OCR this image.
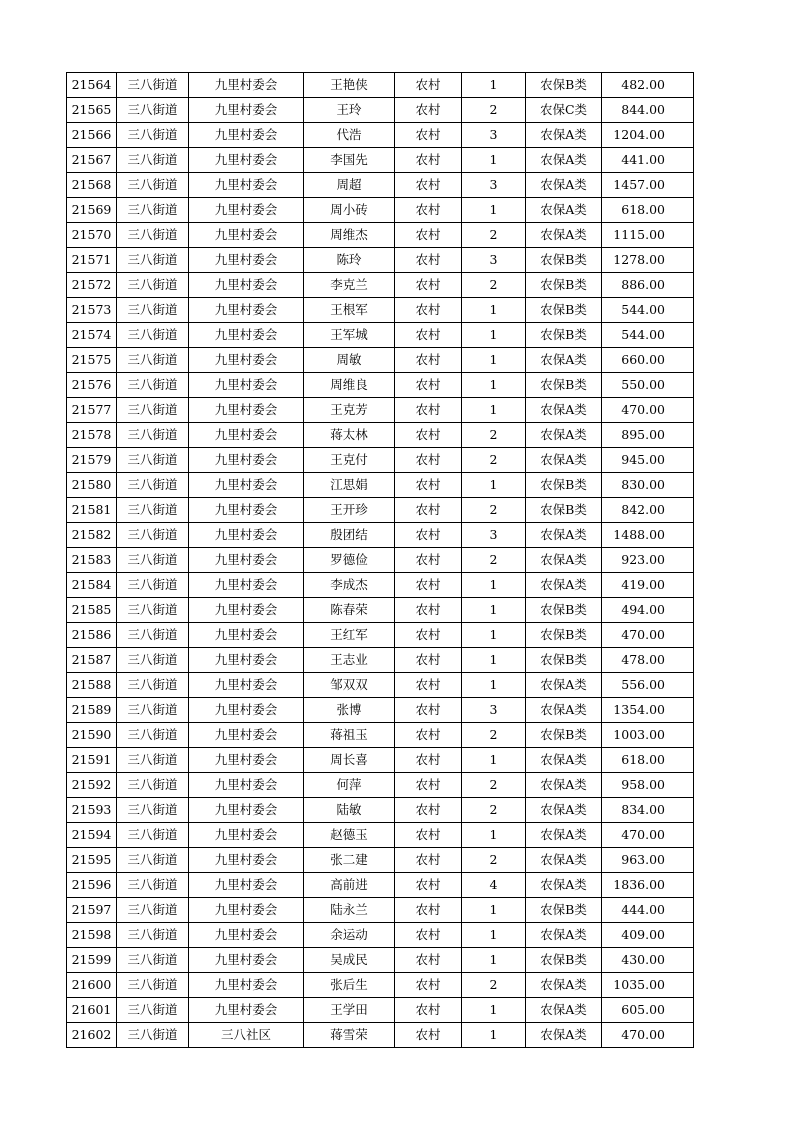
21564	三八街道	九里村委会	王艳侠	农村	1	农保B类	482.00
21565	三八街道	九里村委会	王玲	农村	2	农保C类	844.00
21566	三八街道	九里村委会	代浩	农村	3	农保A类	1204.00
21567	三八街道	九里村委会	李国先	农村	1	农保A类	441.00
21568	三八街道	九里村委会	周超	农村	3	农保A类	1457.00
21569	三八街道	九里村委会	周小砖	农村	1	农保A类	618.00
21570	三八街道	九里村委会	周维杰	农村	2	农保A类	1115.00
21571	三八街道	九里村委会	陈玲	农村	3	农保B类	1278.00
21572	三八街道	九里村委会	李克兰	农村	2	农保B类	886.00
21573	三八街道	九里村委会	王根军	农村	1	农保B类	544.00
21574	三八街道	九里村委会	王军城	农村	1	农保B类	544.00
21575	三八街道	九里村委会	周敏	农村	1	农保A类	660.00
21576	三八街道	九里村委会	周维良	农村	1	农保B类	550.00
21577	三八街道	九里村委会	王克芳	农村	1	农保A类	470.00
21578	三八街道	九里村委会	蒋太林	农村	2	农保A类	895.00
21579	三八街道	九里村委会	王克付	农村	2	农保A类	945.00
21580	三八街道	九里村委会	江思娟	农村	1	农保B类	830.00
21581	三八街道	九里村委会	王开珍	农村	2	农保B类	842.00
21582	三八街道	九里村委会	殷团结	农村	3	农保A类	1488.00
21583	三八街道	九里村委会	罗德俭	农村	2	农保A类	923.00
21584	三八街道	九里村委会	李成杰	农村	1	农保A类	419.00
21585	三八街道	九里村委会	陈春荣	农村	1	农保B类	494.00
21586	三八街道	九里村委会	王红军	农村	1	农保B类	470.00
21587	三八街道	九里村委会	王志业	农村	1	农保B类	478.00
21588	三八街道	九里村委会	邹双双	农村	1	农保A类	556.00
21589	三八街道	九里村委会	张博	农村	3	农保A类	1354.00
21590	三八街道	九里村委会	蒋祖玉	农村	2	农保B类	1003.00
21591	三八街道	九里村委会	周长喜	农村	1	农保A类	618.00
21592	三八街道	九里村委会	何萍	农村	2	农保A类	958.00
21593	三八街道	九里村委会	陆敏	农村	2	农保A类	834.00
21594	三八街道	九里村委会	赵德玉	农村	1	农保A类	470.00
21595	三八街道	九里村委会	张二建	农村	2	农保A类	963.00
21596	三八街道	九里村委会	高前进	农村	4	农保A类	1836.00
21597	三八街道	九里村委会	陆永兰	农村	1	农保B类	444.00
21598	三八街道	九里村委会	余运动	农村	1	农保A类	409.00
21599	三八街道	九里村委会	吴成民	农村	1	农保B类	430.00
21600	三八街道	九里村委会	张后生	农村	2	农保A类	1035.00
21601	三八街道	九里村委会	王学田	农村	1	农保A类	605.00
21602	三八街道	三八社区	蒋雪荣	农村	1	农保A类	470.00
